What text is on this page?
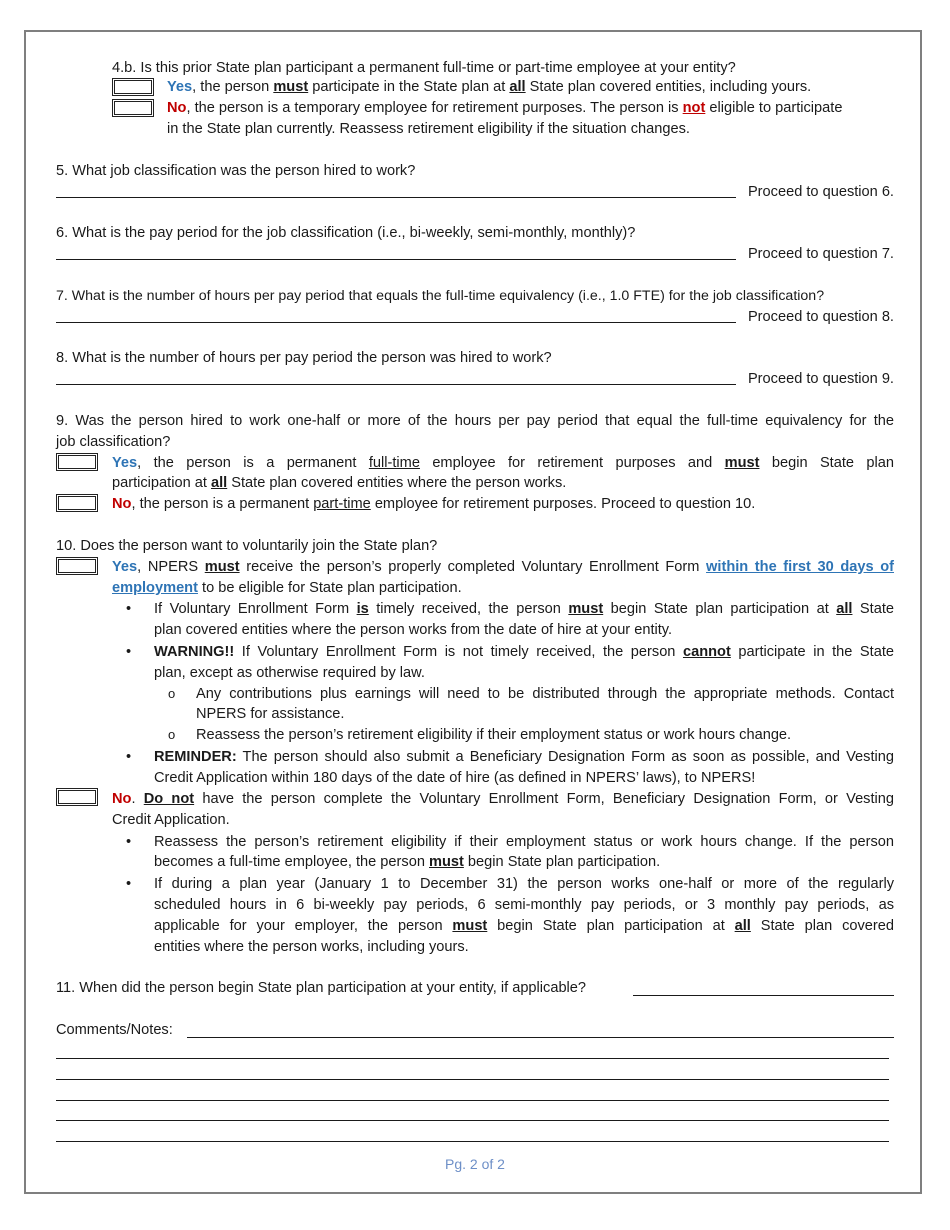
4.b. Is this prior State plan participant a permanent full-time or part-time employee at your entity?
Yes, the person must participate in the State plan at all State plan covered entities, including yours.
No, the person is a temporary employee for retirement purposes. The person is not eligible to participate
in the State plan currently. Reassess retirement eligibility if the situation changes.
5. What job classification was the person hired to work?
Proceed to question 6.
6. What is the pay period for the job classification (i.e., bi-weekly, semi-monthly, monthly)?
Proceed to question 7.
7. What is the number of hours per pay period that equals the full-time equivalency (i.e., 1.0 FTE) for the job classification?
Proceed to question 8.
8. What is the number of hours per pay period the person was hired to work?
Proceed to question 9.
9. Was the person hired to work one-half or more of the hours per pay period that equal the full-time equivalency for the
job classification?
Yes, the person is a permanent full-time employee for retirement purposes and must begin State plan
participation at all State plan covered entities where the person works.
No, the person is a permanent part-time employee for retirement purposes. Proceed to question 10.
10. Does the person want to voluntarily join the State plan?
Yes, NPERS must receive the person’s properly completed Voluntary Enrollment Form within the first 30 days of
employment to be eligible for State plan participation.
• If Voluntary Enrollment Form is timely received, the person must begin State plan participation at all State
plan covered entities where the person works from the date of hire at your entity.
• WARNING!! If Voluntary Enrollment Form is not timely received, the person cannot participate in the State
plan, except as otherwise required by law.
o Any contributions plus earnings will need to be distributed through the appropriate methods. Contact
NPERS for assistance.
o Reassess the person’s retirement eligibility if their employment status or work hours change.
• REMINDER: The person should also submit a Beneficiary Designation Form as soon as possible, and Vesting
Credit Application within 180 days of the date of hire (as defined in NPERS’ laws), to NPERS!
No. Do not have the person complete the Voluntary Enrollment Form, Beneficiary Designation Form, or Vesting
Credit Application.
• Reassess the person’s retirement eligibility if their employment status or work hours change. If the person
becomes a full-time employee, the person must begin State plan participation.
• If during a plan year (January 1 to December 31) the person works one-half or more of the regularly
scheduled hours in 6 bi-weekly pay periods, 6 semi-monthly pay periods, or 3 monthly pay periods, as
applicable for your employer, the person must begin State plan participation at all State plan covered
entities where the person works, including yours.
11. When did the person begin State plan participation at your entity, if applicable?
Comments/Notes:
Pg. 2 of 2
